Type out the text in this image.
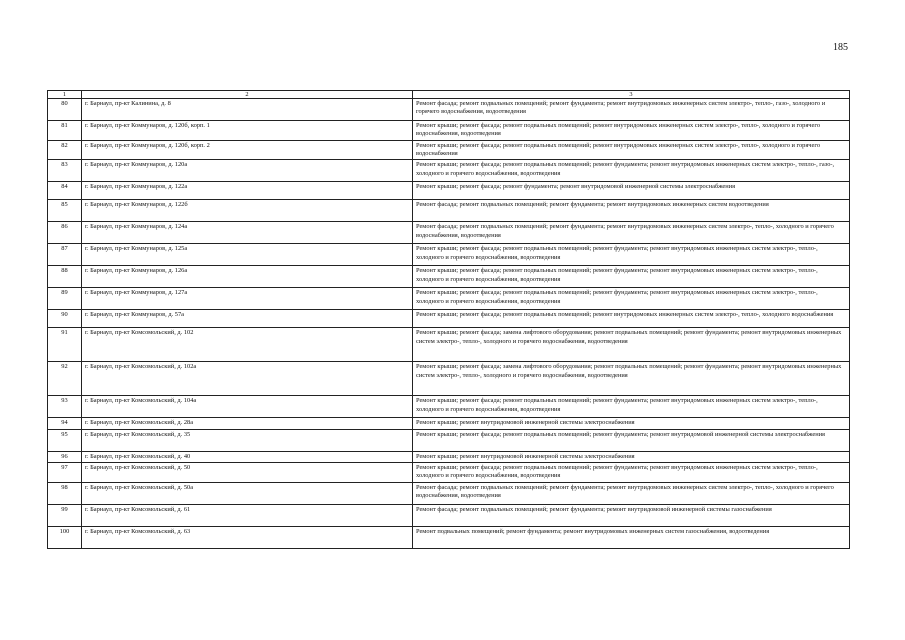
185
1	2	3
80	г. Барнаул, пр-кт Калинина, д. 8	Ремонт фасада; ремонт подвальных помещений; ремонт фундамента; ремонт внутридомовых инженерных систем электро-, тепло-, газо-, холодного и горячего водоснабжения, водоотведения
81	г. Барнаул, пр-кт Коммунаров, д. 120б, корп. 1	Ремонт крыши; ремонт фасада; ремонт подвальных помещений; ремонт внутридомовых инженерных систем электро-, тепло-, холодного и горячего водоснабжения, водоотведения
82	г. Барнаул, пр-кт Коммунаров, д. 120б, корп. 2	Ремонт крыши; ремонт фасада; ремонт подвальных помещений; ремонт внутридомовых инженерных систем электро-, тепло-, холодного и горячего водоснабжения
83	г. Барнаул, пр-кт Коммунаров, д. 120а	Ремонт крыши; ремонт фасада; ремонт подвальных помещений; ремонт фундамента; ремонт внутридомовых инженерных систем электро-, тепло-, газо-, холодного и горячего водоснабжения, водоотведения
84	г. Барнаул, пр-кт Коммунаров, д. 122а	Ремонт крыши; ремонт фасада; ремонт фундамента; ремонт внутридомовой инженерной системы электроснабжения
85	г. Барнаул, пр-кт Коммунаров, д. 122б	Ремонт фасада; ремонт подвальных помещений; ремонт фундамента; ремонт внутридомовых инженерных систем водоотведения
86	г. Барнаул, пр-кт Коммунаров, д. 124а	Ремонт фасада; ремонт подвальных помещений; ремонт фундамента; ремонт внутридомовых инженерных систем электро-, тепло-, холодного и горячего водоснабжения, водоотведения
87	г. Барнаул, пр-кт Коммунаров, д. 125а	Ремонт крыши; ремонт фасада; ремонт подвальных помещений; ремонт фундамента; ремонт внутридомовых инженерных систем электро-, тепло-, холодного и горячего водоснабжения, водоотведения
88	г. Барнаул, пр-кт Коммунаров, д. 126а	Ремонт крыши; ремонт фасада; ремонт подвальных помещений; ремонт фундамента; ремонт внутридомовых инженерных систем электро-, тепло-, холодного и горячего водоснабжения, водоотведения
89	г. Барнаул, пр-кт Коммунаров, д. 127а	Ремонт крыши; ремонт фасада; ремонт подвальных помещений; ремонт фундамента; ремонт внутридомовых инженерных систем электро-, тепло-, холодного и горячего водоснабжения, водоотведения
90	г. Барнаул, пр-кт Коммунаров, д. 57а	Ремонт крыши; ремонт фасада; ремонт подвальных помещений; ремонт внутридомовых инженерных систем электро-, тепло-, холодного водоснабжения
91	г. Барнаул, пр-кт Комсомольский, д. 102	Ремонт крыши; ремонт фасада; замена лифтового оборудования; ремонт подвальных помещений; ремонт фундамента; ремонт внутридомовых инженерных систем электро-, тепло-, холодного и горячего водоснабжения, водоотведения
92	г. Барнаул, пр-кт Комсомольский, д. 102а	Ремонт крыши; ремонт фасада; замена лифтового оборудования; ремонт подвальных помещений; ремонт фундамента; ремонт внутридомовых инженерных систем электро-, тепло-, холодного и горячего водоснабжения, водоотведения
93	г. Барнаул, пр-кт Комсомольский, д. 104а	Ремонт крыши; ремонт фасада; ремонт подвальных помещений; ремонт фундамента; ремонт внутридомовых инженерных систем электро-, тепло-, холодного и горячего водоснабжения, водоотведения
94	г. Барнаул, пр-кт Комсомольский, д. 28а	Ремонт крыши; ремонт внутридомовой инженерной системы электроснабжения
95	г. Барнаул, пр-кт Комсомольский, д. 35	Ремонт крыши; ремонт фасада; ремонт подвальных помещений; ремонт фундамента; ремонт внутридомовой инженерной системы электроснабжения
96	г. Барнаул, пр-кт Комсомольский, д. 40	Ремонт крыши; ремонт внутридомовой инженерной системы электроснабжения
97	г. Барнаул, пр-кт Комсомольский, д. 50	Ремонт крыши; ремонт фасада; ремонт подвальных помещений; ремонт фундамента; ремонт внутридомовых инженерных систем электро-, тепло-, холодного и горячего водоснабжения, водоотведения
98	г. Барнаул, пр-кт Комсомольский, д. 50а	Ремонт фасада; ремонт подвальных помещений; ремонт фундамента; ремонт внутридомовых инженерных систем электро-, тепло-, холодного и горячего водоснабжения, водоотведения
99	г. Барнаул, пр-кт Комсомольский, д. 61	Ремонт фасада; ремонт подвальных помещений; ремонт фундамента; ремонт внутридомовой инженерной системы газоснабжения
100	г. Барнаул, пр-кт Комсомольский, д. 63	Ремонт подвальных помещений; ремонт фундамента; ремонт внутридомовых инженерных систем газоснабжения, водоотведения
